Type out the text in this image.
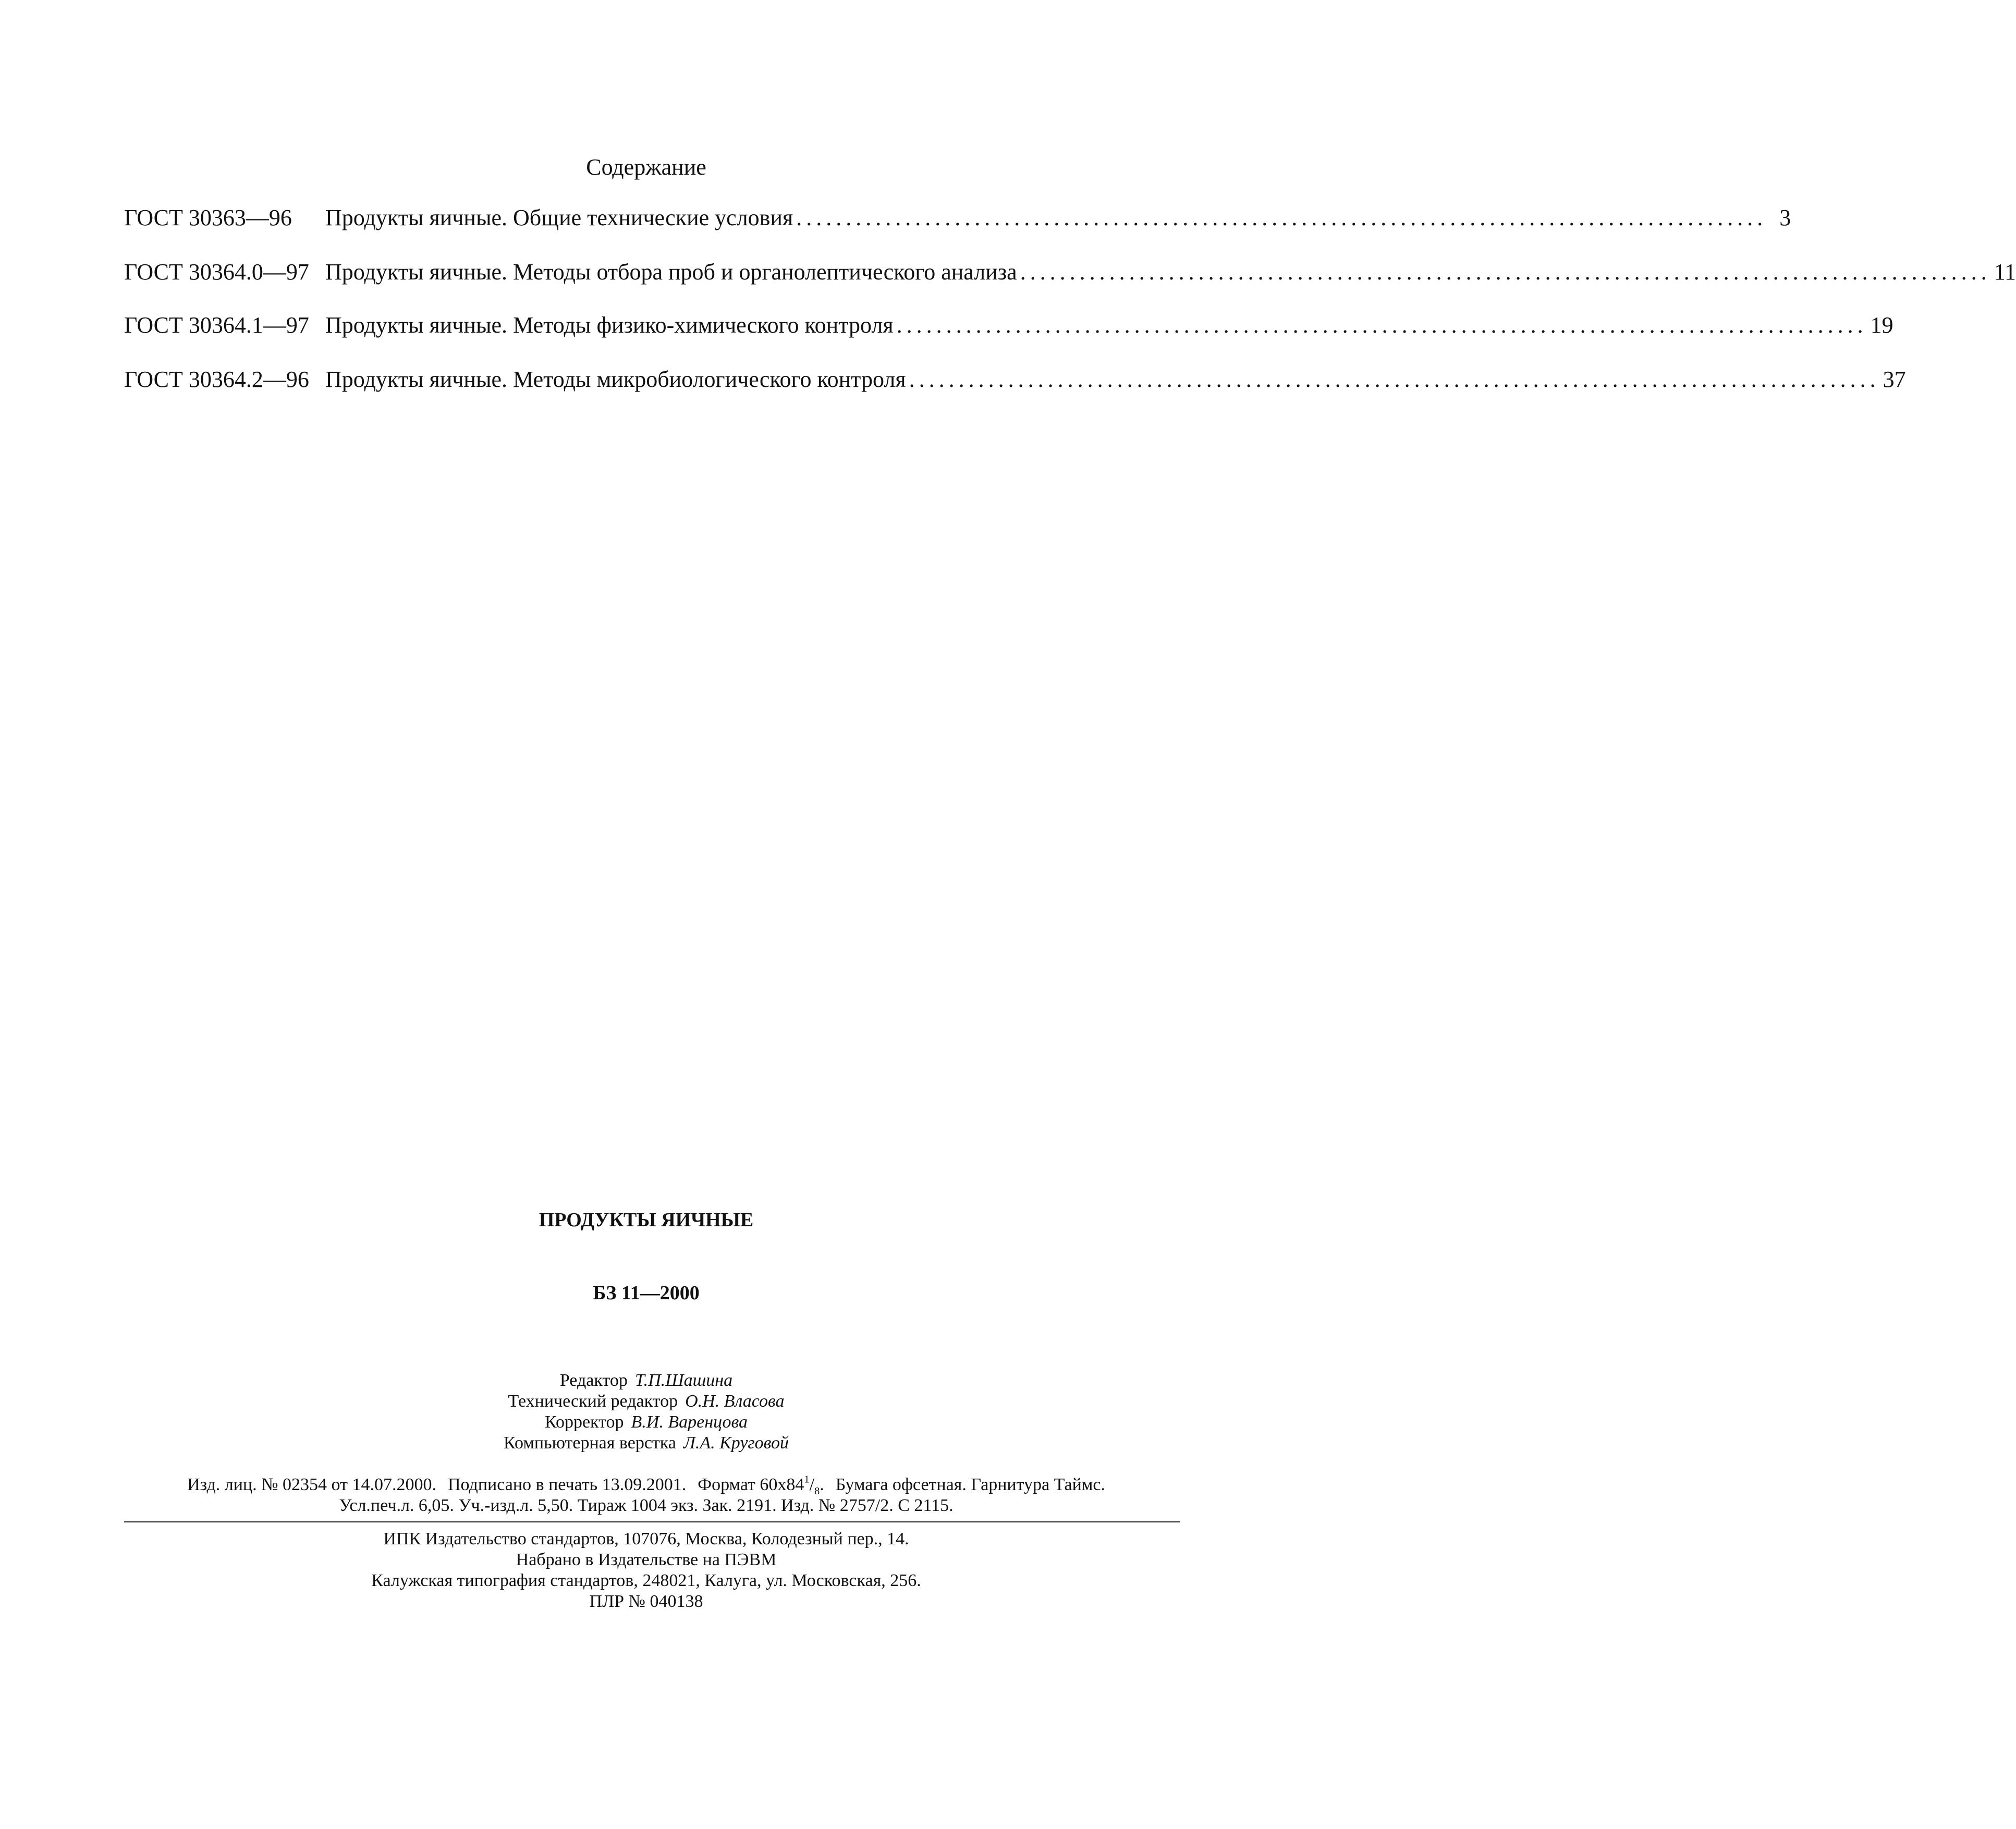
Содержание
ГОСТ 30363—96	Продукты яичные. Общие технические условия .................................................................................................. 3
ГОСТ 30364.0—97 Продукты яичные. Методы отбора проб и органолептического анализа .................................................................................................. 11
ГОСТ 30364.1—97 Продукты яичные. Методы физико-химического контроля .................................................................................................. 19
ГОСТ 30364.2—96 Продукты яичные. Методы микробиологического контроля .................................................................................................. 37
ПРОДУКТЫ ЯИЧНЫЕ
БЗ 11—2000
Редактор Т.П.Шашина
Технический редактор О.Н. Власова
Корректор В.И. Варенцова
Компьютерная верстка Л.А. Круговой
Изд. лиц. № 02354 от 14.07.2000. Подписано в печать 13.09.2001. Формат $60x84^1/_8$. Бумага офсетная. Гарнитура Таймс.
Усл.печ.л. 6,05. Уч.-изд.л. 5,50. Тираж 1004 экз. Зак. 2191. Изд. № 2757/2. С 2115.
ИПК Издательство стандартов, 107076, Москва, Колодезный пер., 14.
Набрано в Издательстве на ПЭВМ
Калужская типография стандартов, 248021, Калуга, ул. Московская, 256.
ПЛР № 040138
